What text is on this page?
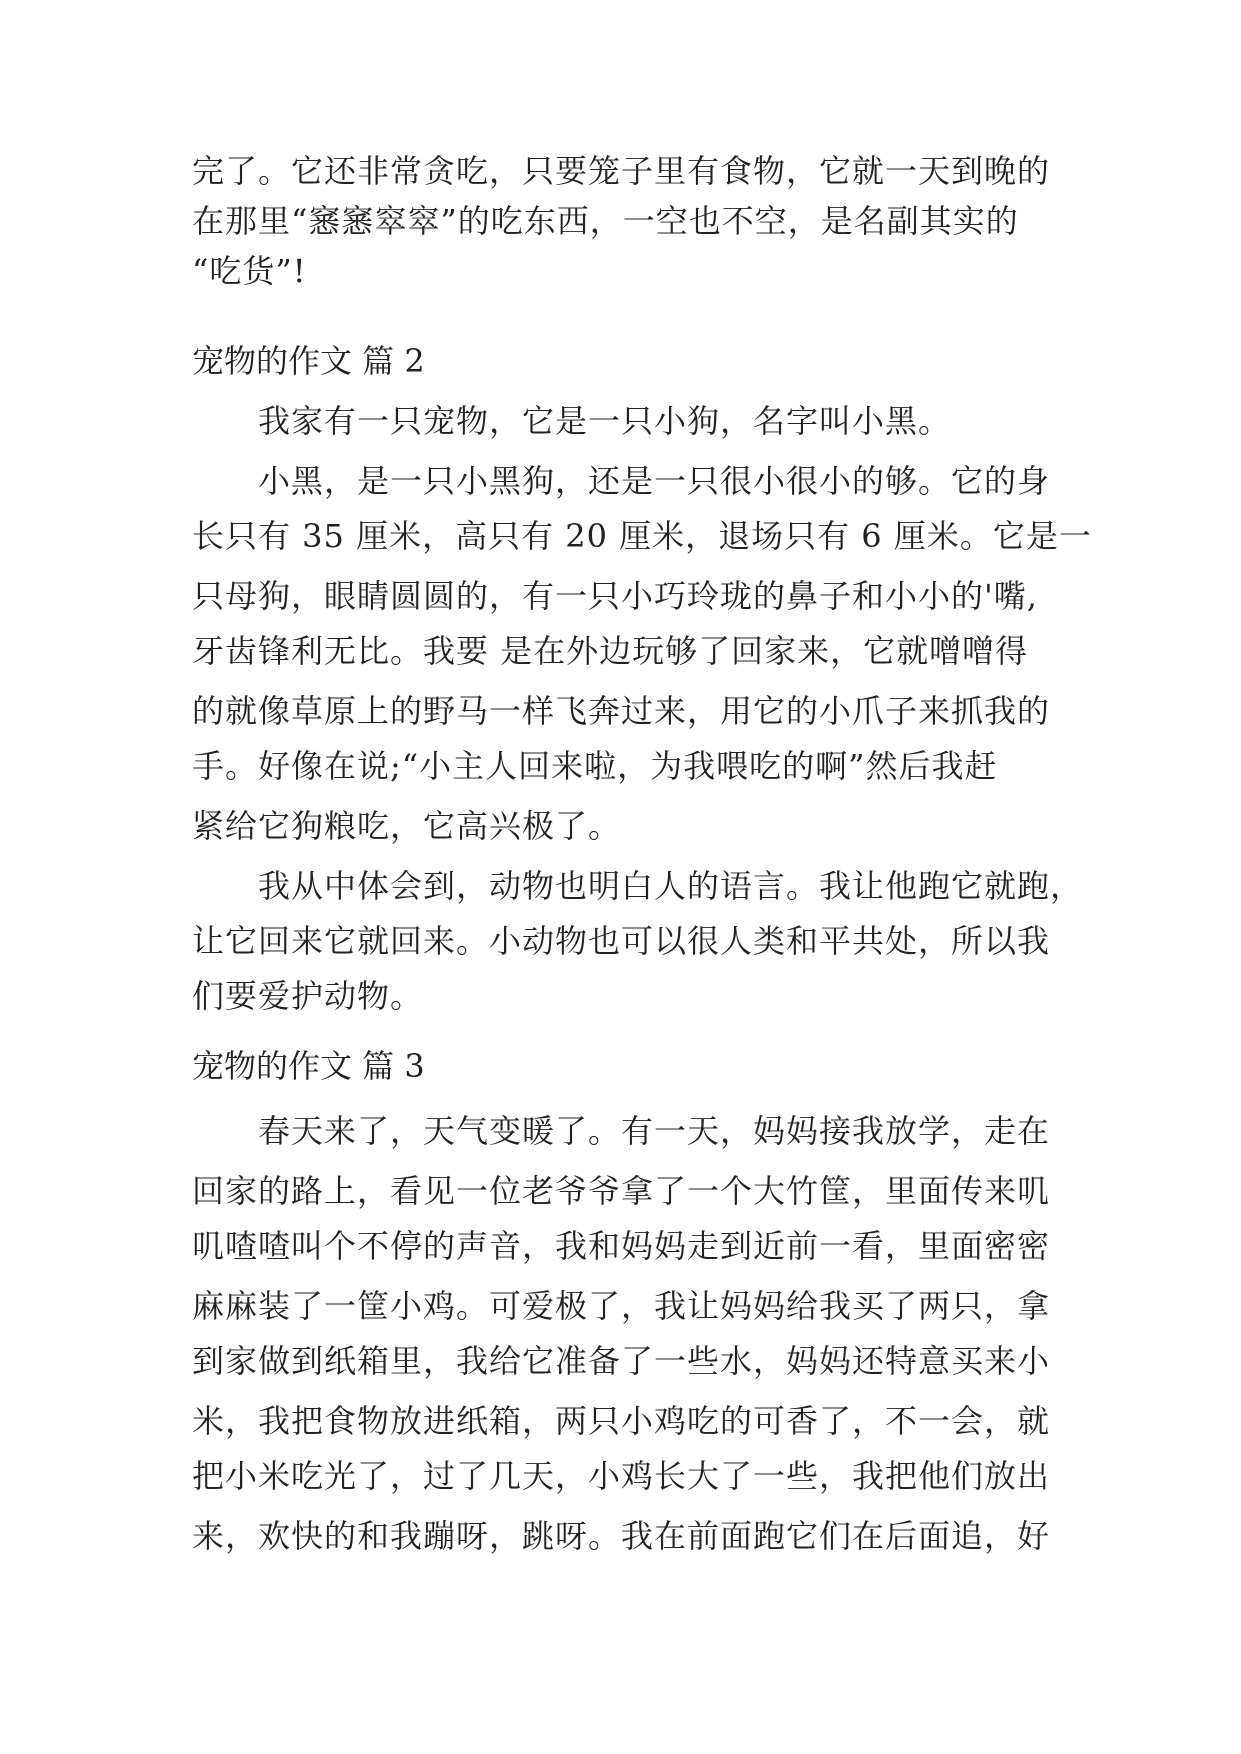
完了。它还非常贪吃，只要笼子里有食物，它就一天到晚的
在那里“窸窸窣窣”的吃东西，一空也不空，是名副其实的
“吃货”!
宠物的作文 篇 2
我家有一只宠物，它是一只小狗，名字叫小黑。
小黑，是一只小黑狗，还是一只很小很小的够。它的身
长只有 35 厘米，高只有 20 厘米，退场只有 6 厘米。它是一
只母狗，眼睛圆圆的，有一只小巧玲珑的鼻子和小小的'嘴,
牙齿锋利无比。我要 是在外边玩够了回家来，它就噌噌得
的就像草原上的野马一样飞奔过来，用它的小爪子来抓我的
手。好像在说;“小主人回来啦，为我喂吃的啊”然后我赶
紧给它狗粮吃，它高兴极了。
我从中体会到，动物也明白人的语言。我让他跑它就跑，
让它回来它就回来。小动物也可以很人类和平共处，所以我
们要爱护动物。
宠物的作文 篇 3
春天来了，天气变暖了。有一天，妈妈接我放学，走在
回家的路上，看见一位老爷爷拿了一个大竹筐，里面传来叽
叽喳喳叫个不停的声音，我和妈妈走到近前一看，里面密密
麻麻装了一筐小鸡。可爱极了，我让妈妈给我买了两只，拿
到家做到纸箱里，我给它准备了一些水，妈妈还特意买来小
米，我把食物放进纸箱，两只小鸡吃的可香了，不一会，就
把小米吃光了，过了几天，小鸡长大了一些，我把他们放出
来，欢快的和我蹦呀，跳呀。我在前面跑它们在后面追，好
